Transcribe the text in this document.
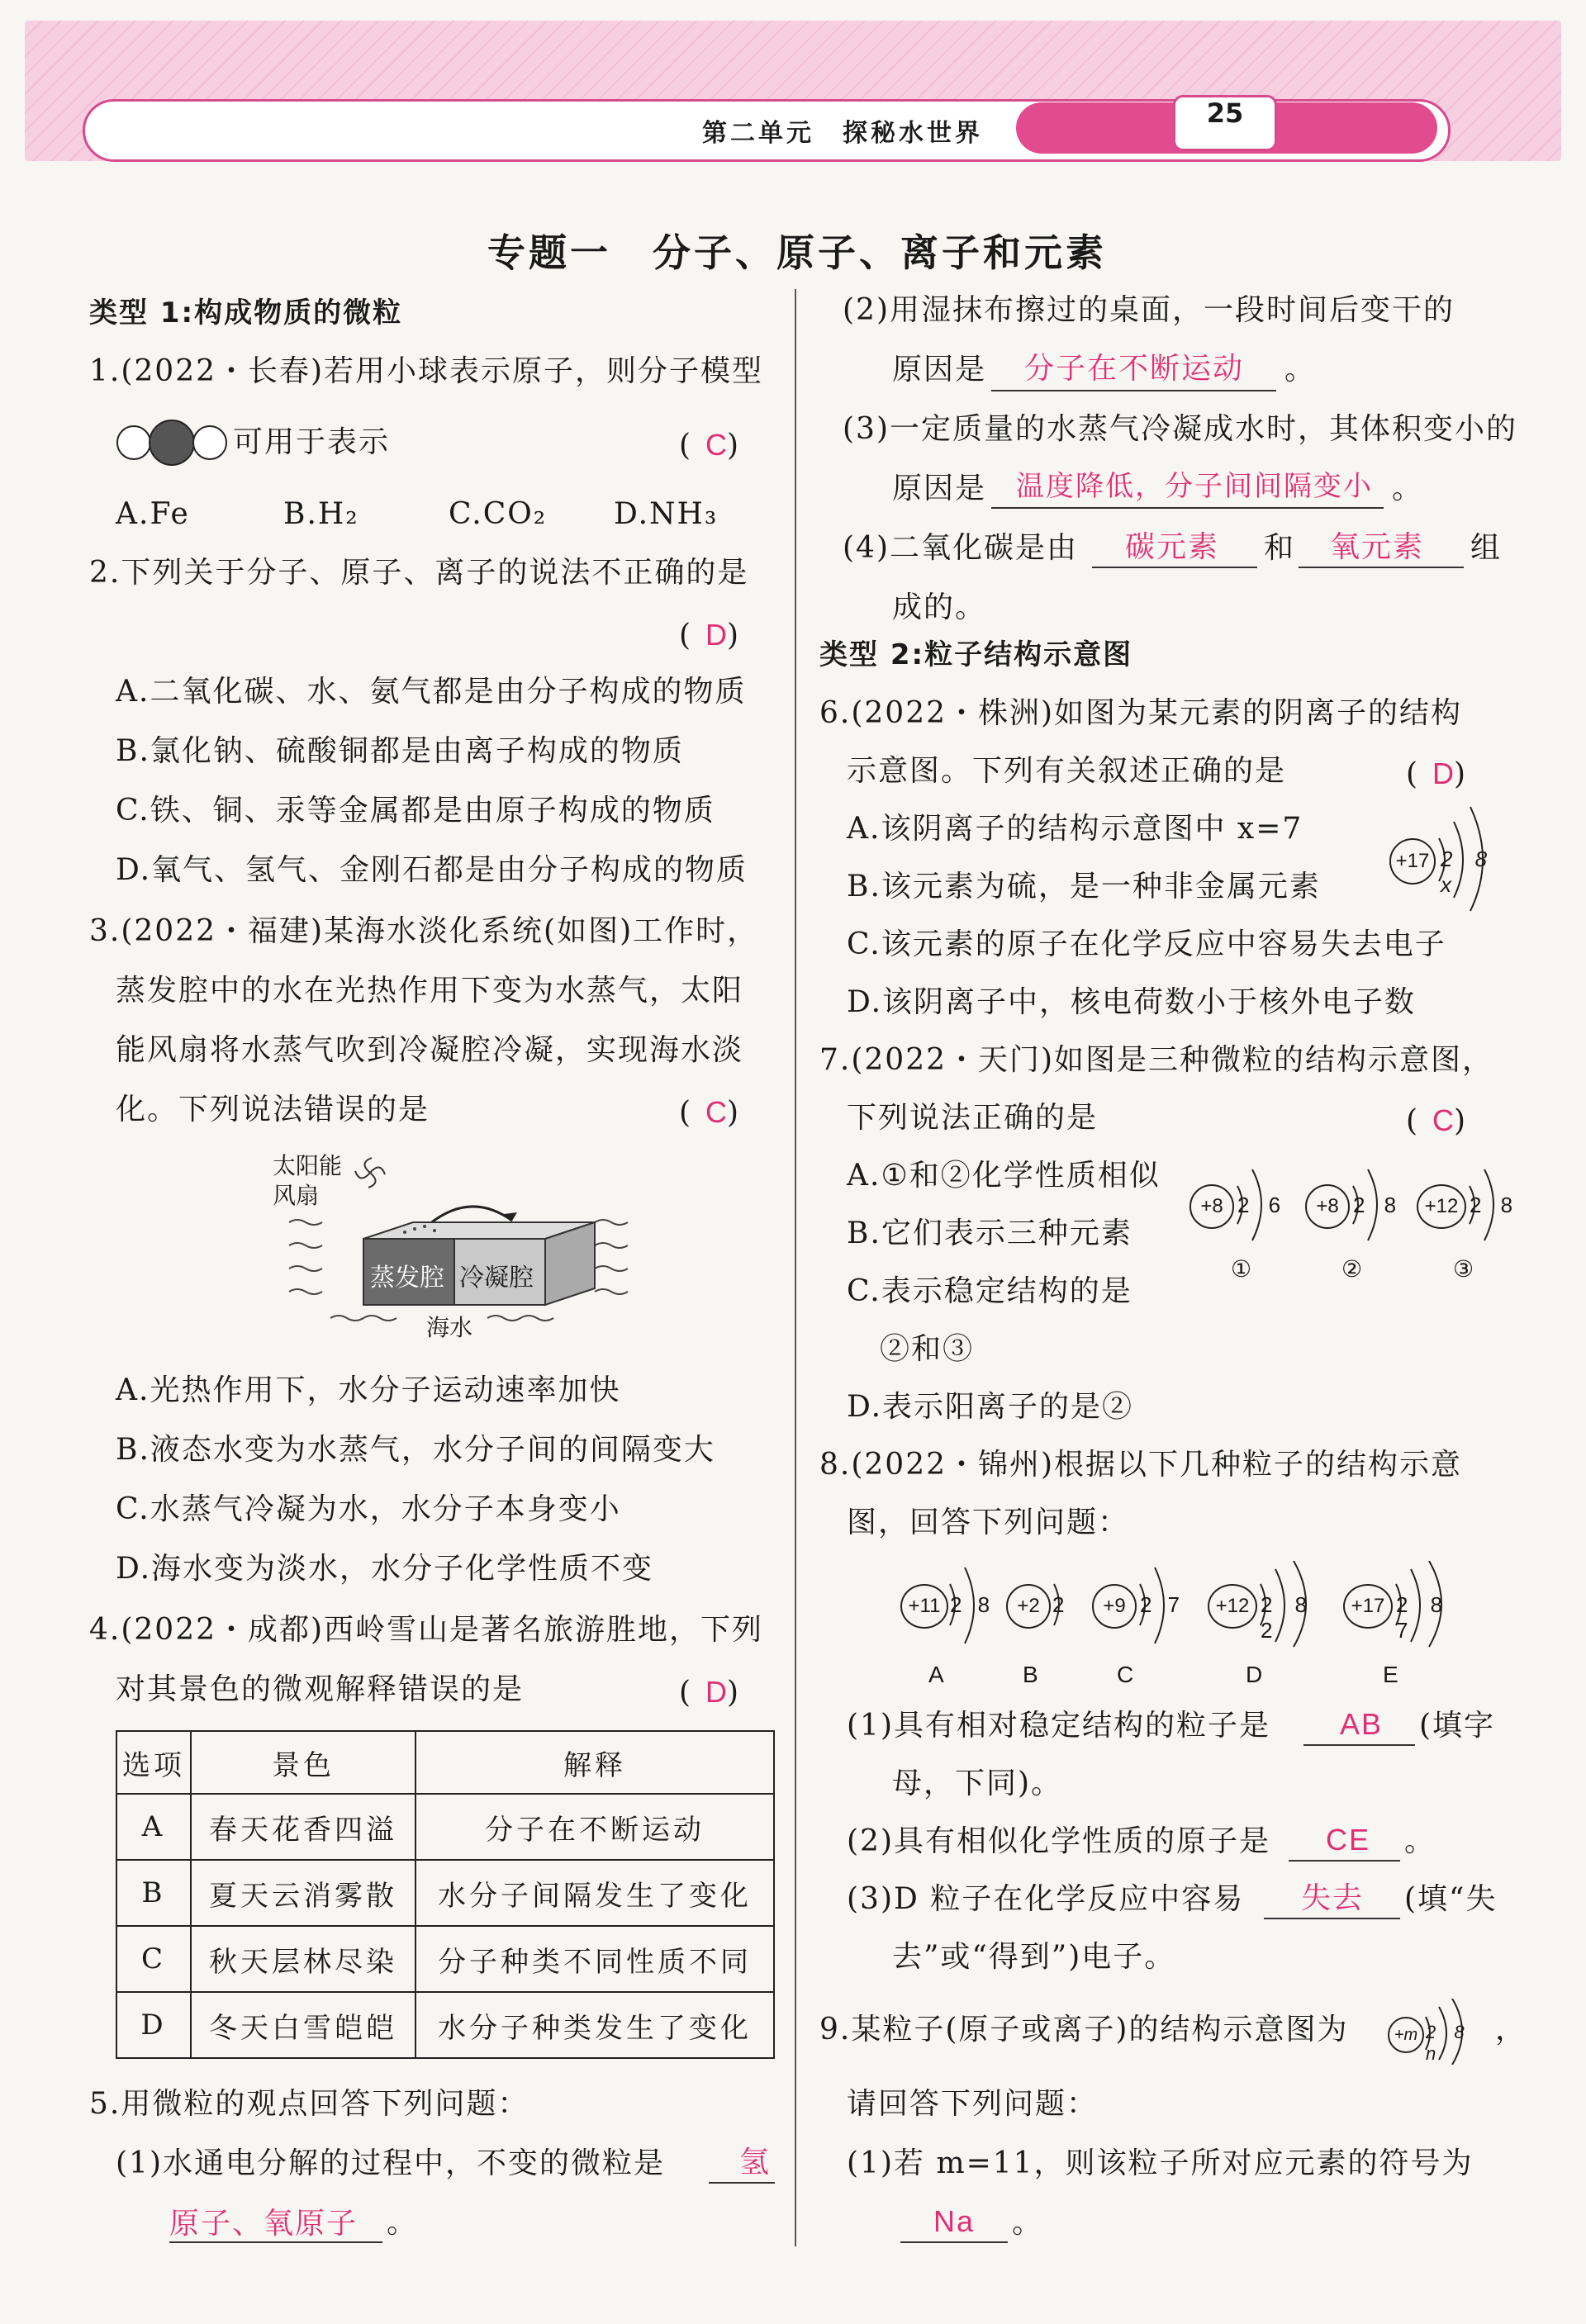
第二单元　探秘水世界
25
专题一　分子、原子、离子和元素
类型 1:构成物质的微粒
1.(2022・长春)若用小球表示原子，则分子模型
可用于表示	(C)
A.Fe	B.H₂	C.CO₂ D.NH₃
2.下列关于分子、原子、离子的说法不正确的是
(D)
A.二氧化碳、水、氨气都是由分子构成的物质
B.氯化钠、硫酸铜都是由离子构成的物质
C.铁、铜、汞等金属都是由原子构成的物质
D.氧气、氢气、金刚石都是由分子构成的物质
3.(2022・福建)某海水淡化系统(如图)工作时，
蒸发腔中的水在光热作用下变为水蒸气，太阳
能风扇将水蒸气吹到冷凝腔冷凝，实现海水淡
化。下列说法错误的是	(C)
太阳能
风扇
蒸发腔 冷凝腔
海水
A.光热作用下，水分子运动速率加快
B.液态水变为水蒸气，水分子间的间隔变大
C.水蒸气冷凝为水，水分子本身变小
D.海水变为淡水，水分子化学性质不变
4.(2022・成都)西岭雪山是著名旅游胜地，下列
对其景色的微观解释错误的是	(D)
选项	景色	解释
A	春天花香四溢	分子在不断运动
B	夏天云消雾散	水分子间隔发生了变化
C	秋天层林尽染	分子种类不同性质不同
D	冬天白雪皑皑	水分子种类发生了变化
5.用微粒的观点回答下列问题：
(1)水通电分解的过程中，不变的微粒是	氢
原子、氧原子 。
(2)用湿抹布擦过的桌面，一段时间后变干的
原因是 分子在不断运动 。
(3)一定质量的水蒸气冷凝成水时，其体积变小的
原因是 温度降低，分子间间隔变小 。
(4)二氧化碳是由 碳元素 和 氧元素 组
成的。
类型 2:粒子结构示意图
6.(2022・株洲)如图为某元素的阴离子的结构
示意图。下列有关叙述正确的是	(D)
A.该阴离子的结构示意图中 x=7
B.该元素为硫，是一种非金属元素
C.该元素的原子在化学反应中容易失去电子
D.该阴离子中，核电荷数小于核外电子数
+17 2 8 x
7.(2022・天门)如图是三种微粒的结构示意图，
下列说法正确的是	(C)
A.①和②化学性质相似
B.它们表示三种元素
C.表示稳定结构的是
②和③
D.表示阳离子的是②
+8 2 6
①
+8 2 8
②
+12 2 8
③
8.(2022・锦州)根据以下几种粒子的结构示意
图，回答下列问题：
+11 2 8
A
+2 2
B
+9 2 7
C
+12 2 8 2
D
+17 2 8 7
E
(1)具有相对稳定结构的粒子是 AB (填字
母，下同)。
(2)具有相似化学性质的原子是 CE 。
(3)D 粒子在化学反应中容易 失去 (填“失
去”或“得到”)电子。
9.某粒子(原子或离子)的结构示意图为	+m 2 8 n
，
请回答下列问题：
(1)若 m=11，则该粒子所对应元素的符号为
Na 。
